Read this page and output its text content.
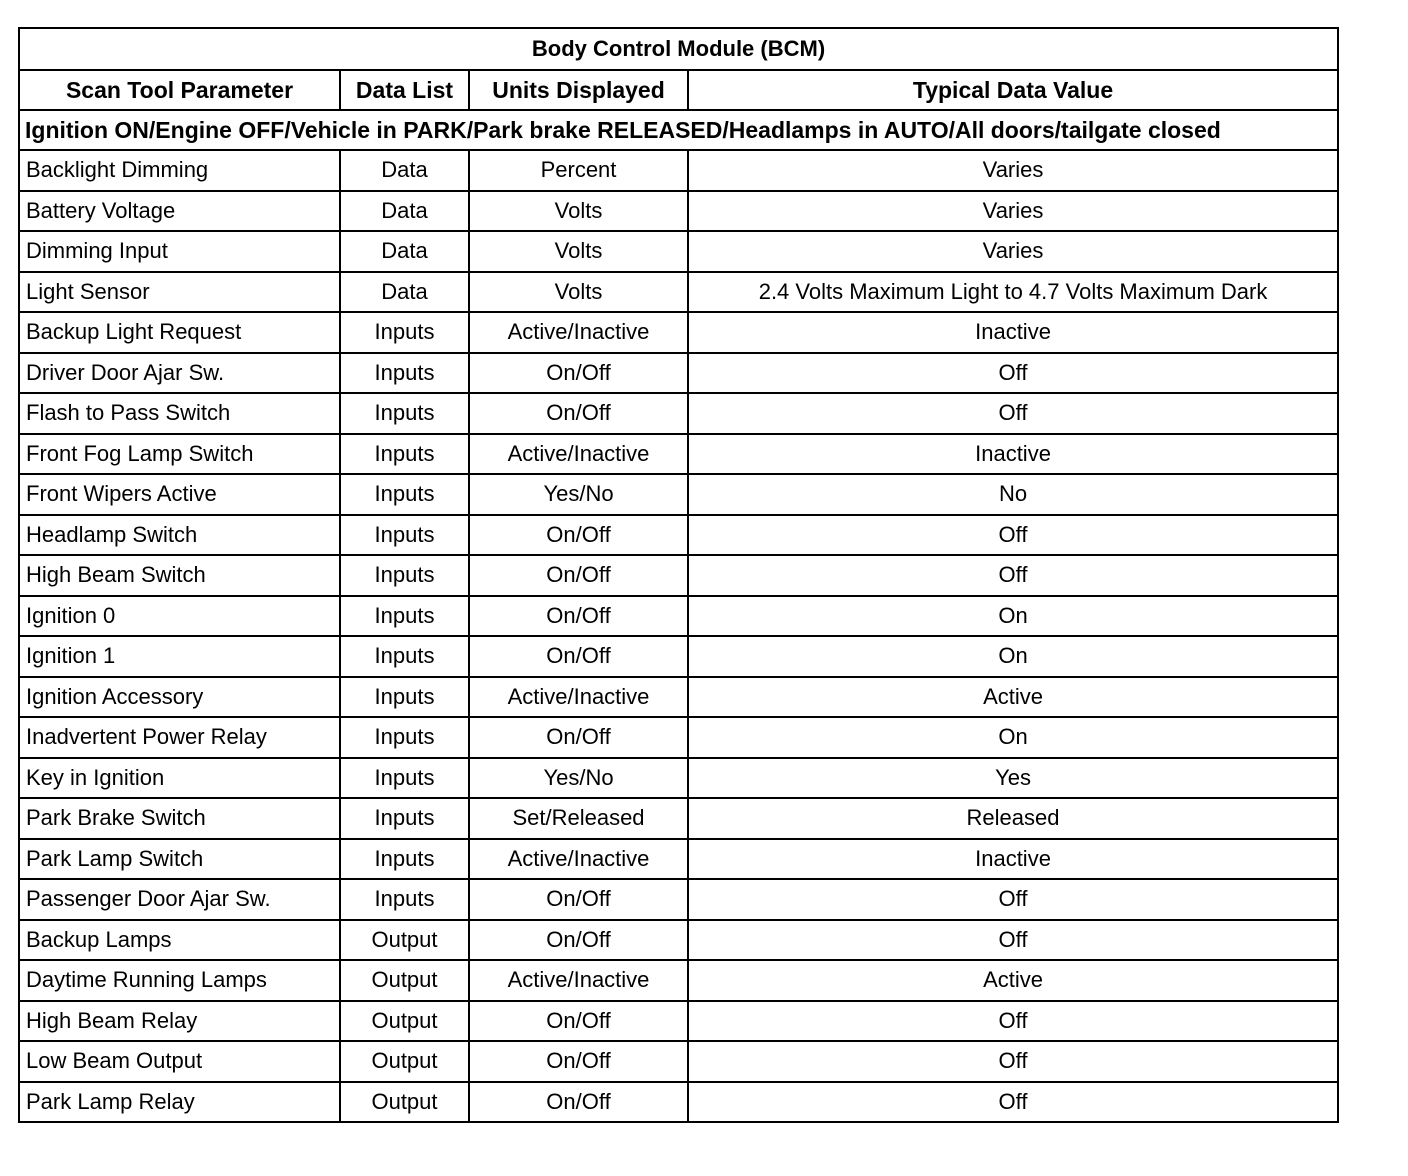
Body Control Module (BCM)			
Scan Tool Parameter	Data List	Units Displayed	Typical Data Value
Ignition ON/Engine OFF/Vehicle in PARK/Park brake RELEASED/Headlamps in AUTO/All doors/tailgate closed			
Backlight Dimming	Data	Percent	Varies
Battery Voltage	Data	Volts	Varies
Dimming Input	Data	Volts	Varies
Light Sensor	Data	Volts	2.4 Volts Maximum Light to 4.7 Volts Maximum Dark
Backup Light Request	Inputs	Active/Inactive	Inactive
Driver Door Ajar Sw.	Inputs	On/Off	Off
Flash to Pass Switch	Inputs	On/Off	Off
Front Fog Lamp Switch	Inputs	Active/Inactive	Inactive
Front Wipers Active	Inputs	Yes/No	No
Headlamp Switch	Inputs	On/Off	Off
High Beam Switch	Inputs	On/Off	Off
Ignition 0	Inputs	On/Off	On
Ignition 1	Inputs	On/Off	On
Ignition Accessory	Inputs	Active/Inactive	Active
Inadvertent Power Relay	Inputs	On/Off	On
Key in Ignition	Inputs	Yes/No	Yes
Park Brake Switch	Inputs	Set/Released	Released
Park Lamp Switch	Inputs	Active/Inactive	Inactive
Passenger Door Ajar Sw.	Inputs	On/Off	Off
Backup Lamps	Output	On/Off	Off
Daytime Running Lamps	Output	Active/Inactive	Active
High Beam Relay	Output	On/Off	Off
Low Beam Output	Output	On/Off	Off
Park Lamp Relay	Output	On/Off	Off
